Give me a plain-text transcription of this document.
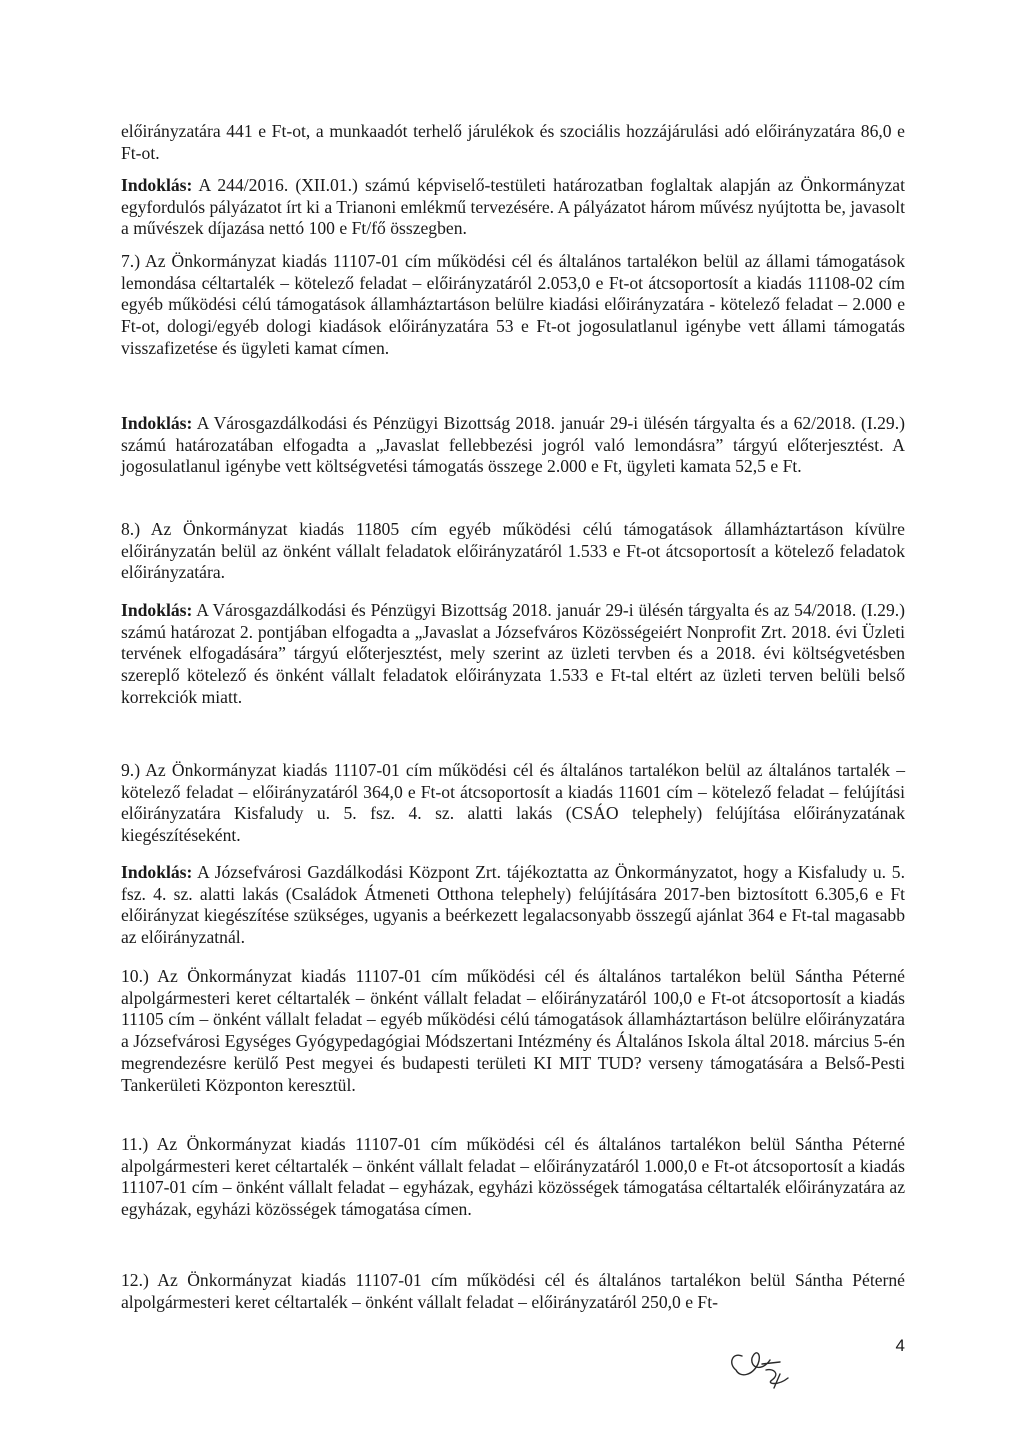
előirányzatára 441 e Ft-ot, a munkaadót terhelő járulékok és szociális hozzájárulási adó előirányzatára 86,0 e Ft-ot.

Indoklás: A 244/2016. (XII.01.) számú képviselő-testületi határozatban foglaltak alapján az Önkormányzat egyfordulós pályázatot írt ki a Trianoni emlékmű tervezésére. A pályázatot három művész nyújtotta be, javasolt a művészek díjazása nettó 100 e Ft/fő összegben.

7.) Az Önkormányzat kiadás 11107-01 cím működési cél és általános tartalékon belül az állami támogatások lemondása céltartalék – kötelező feladat – előirányzatáról 2.053,0 e Ft-ot átcsoportosít a kiadás 11108-02 cím egyéb működési célú támogatások államháztartáson belülre kiadási előirányzatára - kötelező feladat – 2.000 e Ft-ot, dologi/egyéb dologi kiadások előirányzatára 53 e Ft-ot jogosulatlanul igénybe vett állami támogatás visszafizetése és ügyleti kamat címen.

Indoklás: A Városgazdálkodási és Pénzügyi Bizottság 2018. január 29-i ülésén tárgyalta és a 62/2018. (I.29.) számú határozatában elfogadta a „Javaslat fellebbezési jogról való lemondásra” tárgyú előterjesztést. A jogosulatlanul igénybe vett költségvetési támogatás összege 2.000 e Ft, ügyleti kamata 52,5 e Ft.

8.) Az Önkormányzat kiadás 11805 cím egyéb működési célú támogatások államháztartáson kívülre előirányzatán belül az önként vállalt feladatok előirányzatáról 1.533 e Ft-ot átcsoportosít a kötelező feladatok előirányzatára.

Indoklás: A Városgazdálkodási és Pénzügyi Bizottság 2018. január 29-i ülésén tárgyalta és az 54/2018. (I.29.) számú határozat 2. pontjában elfogadta a „Javaslat a Józsefváros Közösségeiért Nonprofit Zrt. 2018. évi Üzleti tervének elfogadására” tárgyú előterjesztést, mely szerint az üzleti tervben és a 2018. évi költségvetésben szereplő kötelező és önként vállalt feladatok előirányzata 1.533 e Ft-tal eltért az üzleti terven belüli belső korrekciók miatt.

9.) Az Önkormányzat kiadás 11107-01 cím működési cél és általános tartalékon belül az általános tartalék – kötelező feladat – előirányzatáról 364,0 e Ft-ot átcsoportosít a kiadás 11601 cím – kötelező feladat – felújítási előirányzatára Kisfaludy u. 5. fsz. 4. sz. alatti lakás (CSÁO telephely) felújítása előirányzatának kiegészítéseként.

Indoklás: A Józsefvárosi Gazdálkodási Központ Zrt. tájékoztatta az Önkormányzatot, hogy a Kisfaludy u. 5. fsz. 4. sz. alatti lakás (Családok Átmeneti Otthona telephely) felújítására 2017-ben biztosított 6.305,6 e Ft előirányzat kiegészítése szükséges, ugyanis a beérkezett legalacsonyabb összegű ajánlat 364 e Ft-tal magasabb az előirányzatnál.

10.) Az Önkormányzat kiadás 11107-01 cím működési cél és általános tartalékon belül Sántha Péterné alpolgármesteri keret céltartalék – önként vállalt feladat – előirányzatáról 100,0 e Ft-ot átcsoportosít a kiadás 11105 cím – önként vállalt feladat – egyéb működési célú támogatások államháztartáson belülre előirányzatára a Józsefvárosi Egységes Gyógypedagógiai Módszertani Intézmény és Általános Iskola által 2018. március 5-én megrendezésre kerülő Pest megyei és budapesti területi KI MIT TUD? verseny támogatására a Belső-Pesti Tankerületi Központon keresztül.

11.) Az Önkormányzat kiadás 11107-01 cím működési cél és általános tartalékon belül Sántha Péterné alpolgármesteri keret céltartalék – önként vállalt feladat – előirányzatáról 1.000,0 e Ft-ot átcsoportosít a kiadás 11107-01 cím – önként vállalt feladat – egyházak, egyházi közösségek támogatása céltartalék előirányzatára az egyházak, egyházi közösségek támogatása címen.

12.) Az Önkormányzat kiadás 11107-01 cím működési cél és általános tartalékon belül Sántha Péterné alpolgármesteri keret céltartalék – önként vállalt feladat – előirányzatáról 250,0 e Ft-

4
